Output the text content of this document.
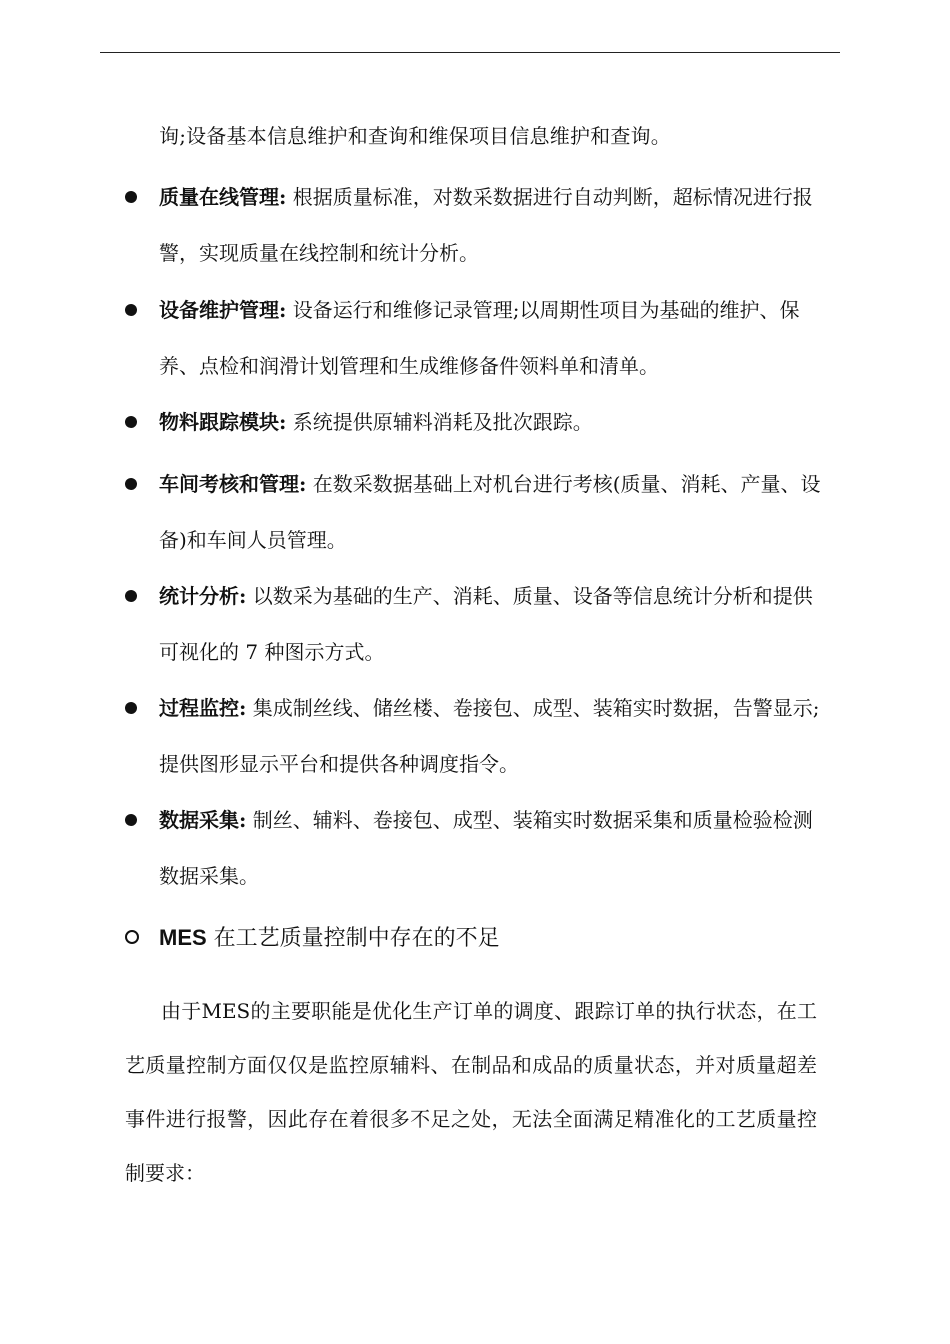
询;设备基本信息维护和查询和维保项目信息维护和查询。
质量在线管理: 根据质量标准，对数采数据进行自动判断，超标情况进行报警，实现质量在线控制和统计分析。
设备维护管理: 设备运行和维修记录管理;以周期性项目为基础的维护、保养、点检和润滑计划管理和生成维修备件领料单和清单。
物料跟踪模块: 系统提供原辅料消耗及批次跟踪。
车间考核和管理: 在数采数据基础上对机台进行考核(质量、消耗、产量、设备)和车间人员管理。
统计分析: 以数采为基础的生产、消耗、质量、设备等信息统计分析和提供可视化的 7 种图示方式。
过程监控: 集成制丝线、储丝楼、卷接包、成型、装箱实时数据，告警显示;提供图形显示平台和提供各种调度指令。
数据采集: 制丝、辅料、卷接包、成型、装箱实时数据采集和质量检验检测数据采集。
MES 在工艺质量控制中存在的不足
由于MES的主要职能是优化生产订单的调度、跟踪订单的执行状态，在工艺质量控制方面仅仅是监控原辅料、在制品和成品的质量状态，并对质量超差事件进行报警，因此存在着很多不足之处，无法全面满足精准化的工艺质量控制要求：
